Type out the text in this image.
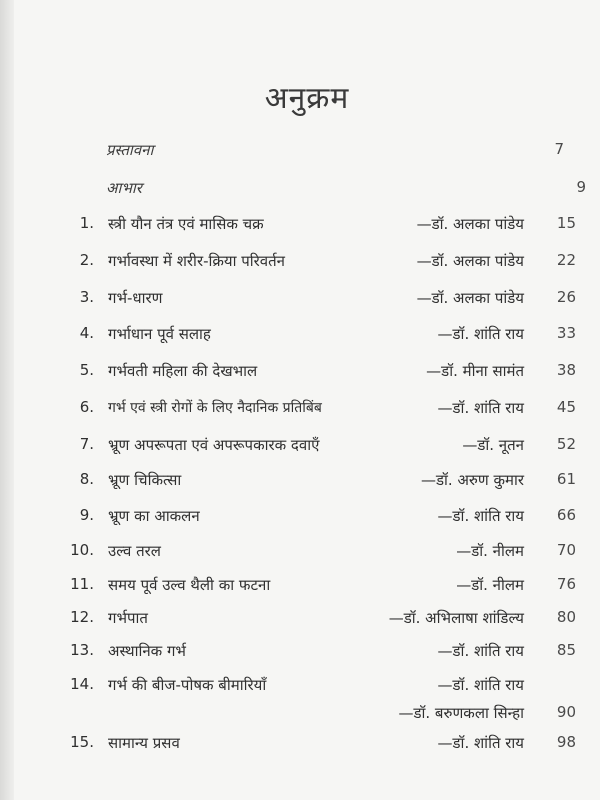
अनुक्रम
प्रस्तावना	7
आभार	9
1. स्त्री यौन तंत्र एवं मासिक चक्र	—डॉ. अलका पांडेय	15
2. गर्भावस्था में शरीर-क्रिया परिवर्तन	—डॉ. अलका पांडेय	22
3. गर्भ-धारण	—डॉ. अलका पांडेय	26
4. गर्भाधान पूर्व सलाह	—डॉ. शांति राय	33
5. गर्भवती महिला की देखभाल	—डॉ. मीना सामंत	38
6. गर्भ एवं स्त्री रोगों के लिए नैदानिक प्रतिबिंब	—डॉ. शांति राय	45
7. भ्रूण अपरूपता एवं अपरूपकारक दवाएँ	—डॉ. नूतन	52
8. भ्रूण चिकित्सा	—डॉ. अरुण कुमार	61
9. भ्रूण का आकलन	—डॉ. शांति राय	66
10. उल्व तरल	—डॉ. नीलम	70
11. समय पूर्व उल्व थैली का फटना	—डॉ. नीलम	76
12. गर्भपात	—डॉ. अभिलाषा शांडिल्य	80
13. अस्थानिक गर्भ	—डॉ. शांति राय	85
14. गर्भ की बीज-पोषक बीमारियाँ	—डॉ. शांति राय
—डॉ. बरुणकला सिन्हा	90
15. सामान्य प्रसव	—डॉ. शांति राय	98
